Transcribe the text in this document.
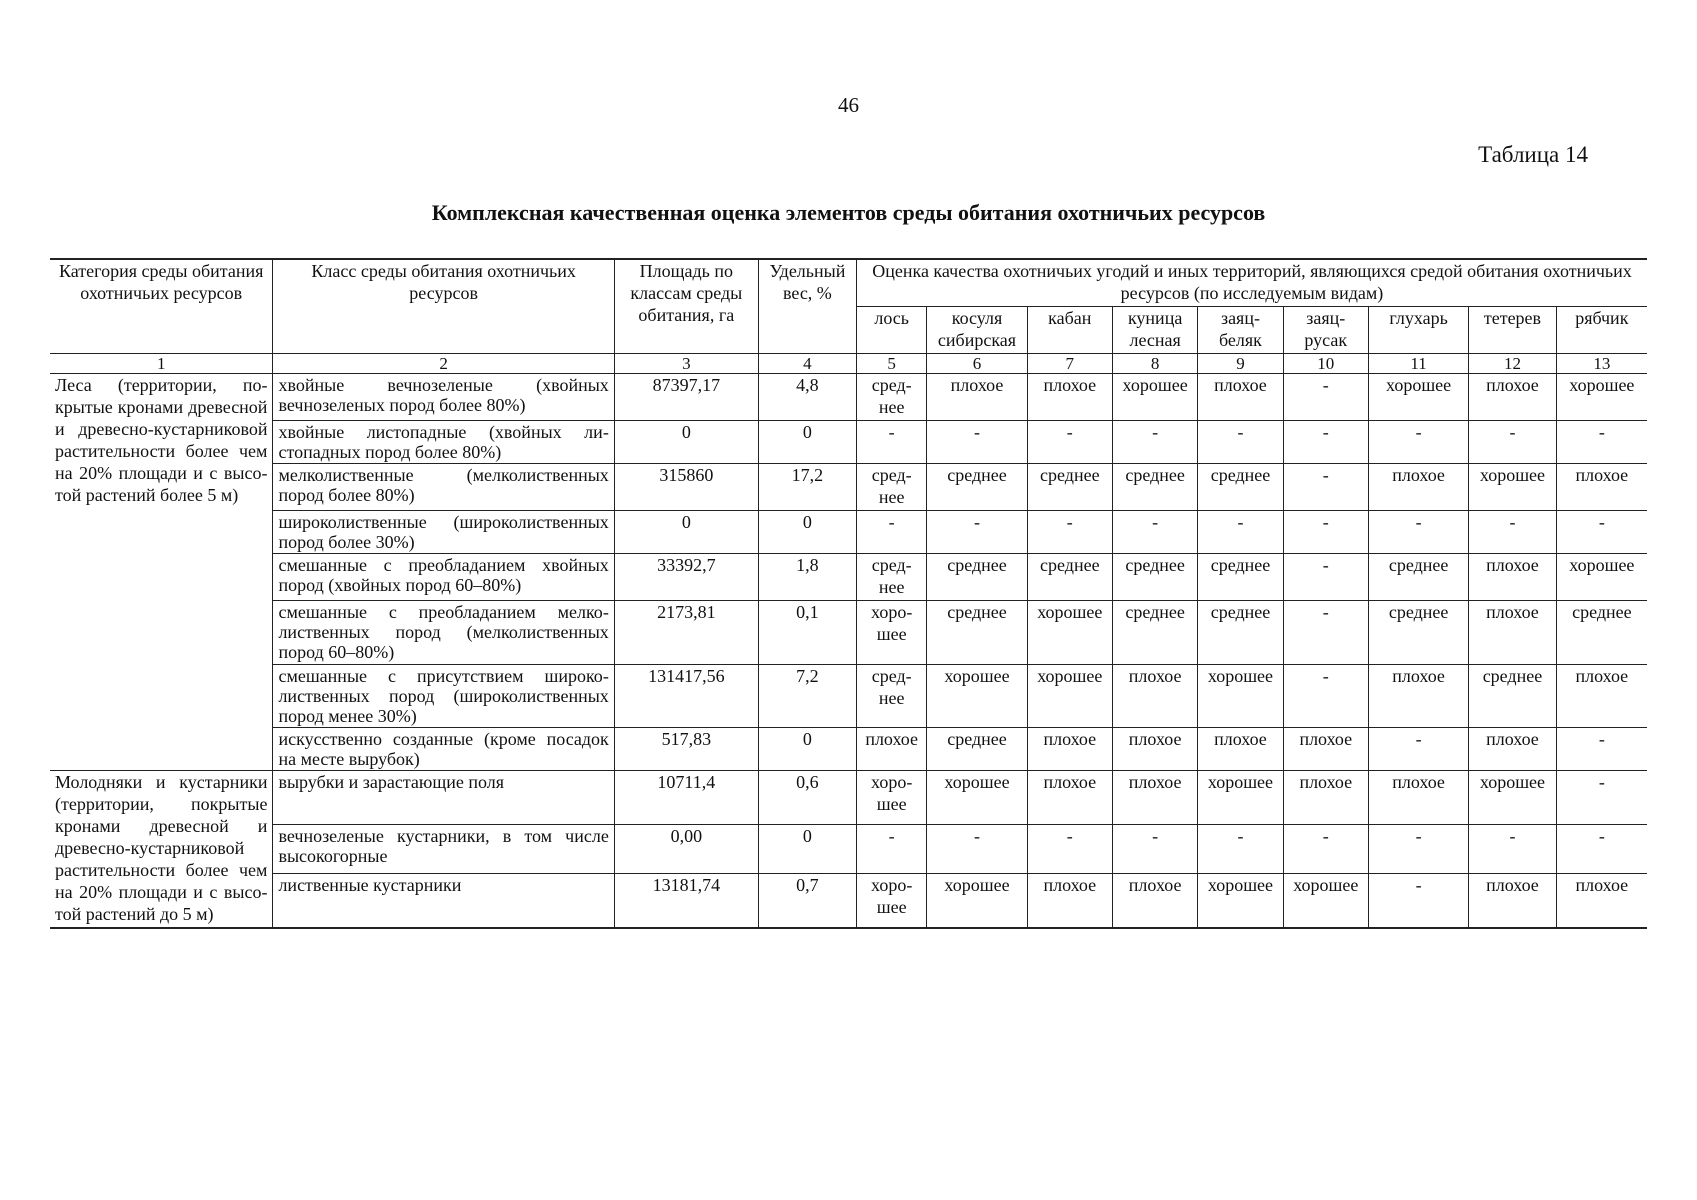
46
Таблица 14
Комплексная качественная оценка элементов среды обитания охотничьих ресурсов
Категория среды обитания охотничьих ресурсов	Класс среды обитания охотничьих ресурсов	Площадь по классам среды обитания, га	Удельный вес, %	Оценка качества охотничьих угодий и иных территорий, являющихся средой обитания охотничьих ресурсов (по исследуемым видам)								
				лось	косуля сибирская	кабан	куница лесная	заяц-беляк	заяц-русак	глухарь	тетерев	рябчик
1	2	3	4	5	6	7	8	9	10	11	12	13
Леса (территории, покрытые кронами древесной и древесно-кустарниковой растительности более чем на 20% площади и с высотой растений более 5 м)	хвойные вечнозеленые (хвойных вечнозеленых пород более 80%)	87397,17	4,8	среднее	плохое	плохое	хорошее	плохое	-	хорошее	плохое	хорошее
	хвойные листопадные (хвойных листопадных пород более 80%)	0	0	-	-	-	-	-	-	-	-	-
	мелколиственные (мелколиственных пород более 80%)	315860	17,2	среднее	среднее	среднее	среднее	среднее	-	плохое	хорошее	плохое
	широколиственные (широколиственных пород более 30%)	0	0	-	-	-	-	-	-	-	-	-
	смешанные с преобладанием хвойных пород (хвойных пород 60–80%)	33392,7	1,8	среднее	среднее	среднее	среднее	среднее	-	среднее	плохое	хорошее
	смешанные с преобладанием мелколиственных пород (мелколиственных пород 60–80%)	2173,81	0,1	хорошее	среднее	хорошее	среднее	среднее	-	среднее	плохое	среднее
	смешанные с присутствием широколиственных пород (широколиственных пород менее 30%)	131417,56	7,2	среднее	хорошее	хорошее	плохое	хорошее	-	плохое	среднее	плохое
	искусственно созданные (кроме посадок на месте вырубок)	517,83	0	плохое	среднее	плохое	плохое	плохое	плохое	-	плохое	-
Молодняки и кустарники (территории, покрытые кронами древесной и древесно-кустарниковой растительности более чем на 20% площади и с высотой растений до 5 м)	вырубки и зарастающие поля	10711,4	0,6	хорошее	хорошее	плохое	плохое	хорошее	плохое	плохое	хорошее	-
	вечнозеленые кустарники, в том числе высокогорные	0,00	0	-	-	-	-	-	-	-	-	-
	лиственные кустарники	13181,74	0,7	хорошее	хорошее	плохое	плохое	хорошее	хорошее	-	плохое	плохое
